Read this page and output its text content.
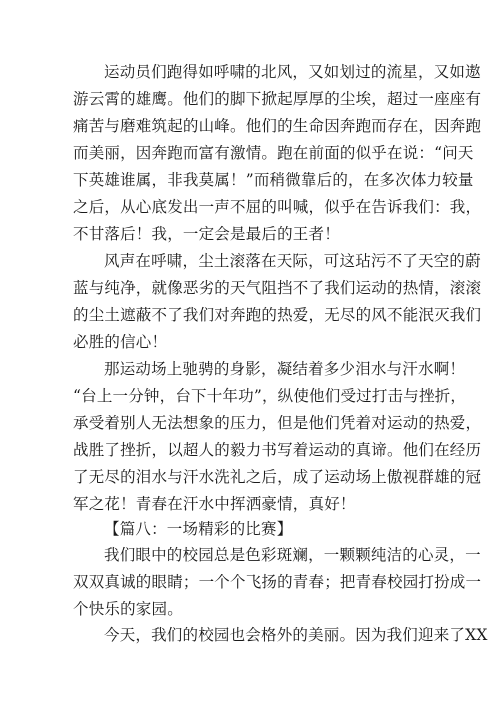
运动员们跑得如呼啸的北风，又如划过的流星，又如遨
游云霄的雄鹰。他们的脚下掀起厚厚的尘埃，超过一座座有
痛苦与磨难筑起的山峰。他们的生命因奔跑而存在，因奔跑
而美丽，因奔跑而富有激情。跑在前面的似乎在说：“问天
下英雄谁属，非我莫属！”而稍微靠后的，在多次体力较量
之后，从心底发出一声不屈的叫喊，似乎在告诉我们：我，
不甘落后！我，一定会是最后的王者！
风声在呼啸，尘土滚落在天际，可这玷污不了天空的蔚
蓝与纯净，就像恶劣的天气阻挡不了我们运动的热情，滚滚
的尘土遮蔽不了我们对奔跑的热爱，无尽的风不能泯灭我们
必胜的信心！
那运动场上驰骋的身影，凝结着多少泪水与汗水啊！
“台上一分钟，台下十年功”，纵使他们受过打击与挫折，
承受着别人无法想象的压力，但是他们凭着对运动的热爱，
战胜了挫折，以超人的毅力书写着运动的真谛。他们在经历
了无尽的泪水与汗水洗礼之后，成了运动场上傲视群雄的冠
军之花！青春在汗水中挥洒豪情，真好！
【篇八：一场精彩的比赛】
我们眼中的校园总是色彩斑斓，一颗颗纯洁的心灵，一
双双真诚的眼睛；一个个飞扬的青春；把青春校园打扮成一
个快乐的家园。
今天，我们的校园也会格外的美丽。因为我们迎来了XX
